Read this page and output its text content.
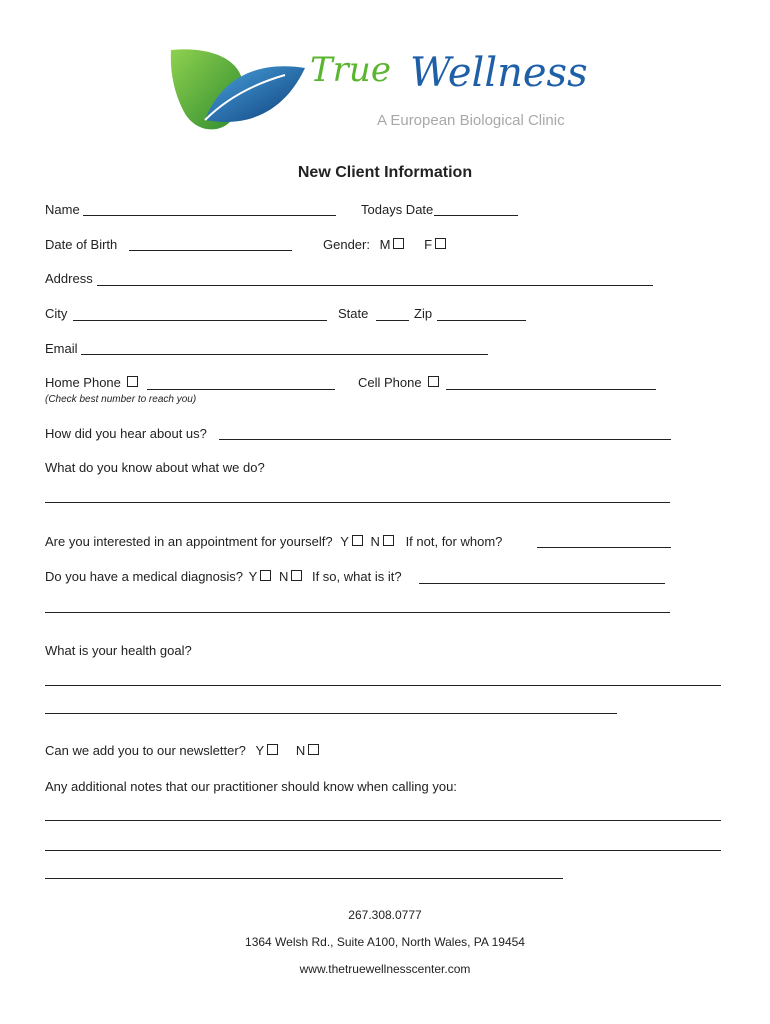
True Wellness
A European Biological Clinic
New Client Information
Name	Todays Date
Date of Birth	Gender: M	F
Address
City	State	Zip
Email
Home Phone	Cell Phone
(Check best number to reach you)
How did you hear about us?
What do you know about what we do?
Are you interested in an appointment for yourself? Y N If not, for whom?
Do you have a medical diagnosis? Y N If so, what is it?
What is your health goal?
Can we add you to our newsletter? Y N
Any additional notes that our practitioner should know when calling you:
267.308.0777
1364 Welsh Rd., Suite A100, North Wales, PA 19454
www.thetruewellnesscenter.com
